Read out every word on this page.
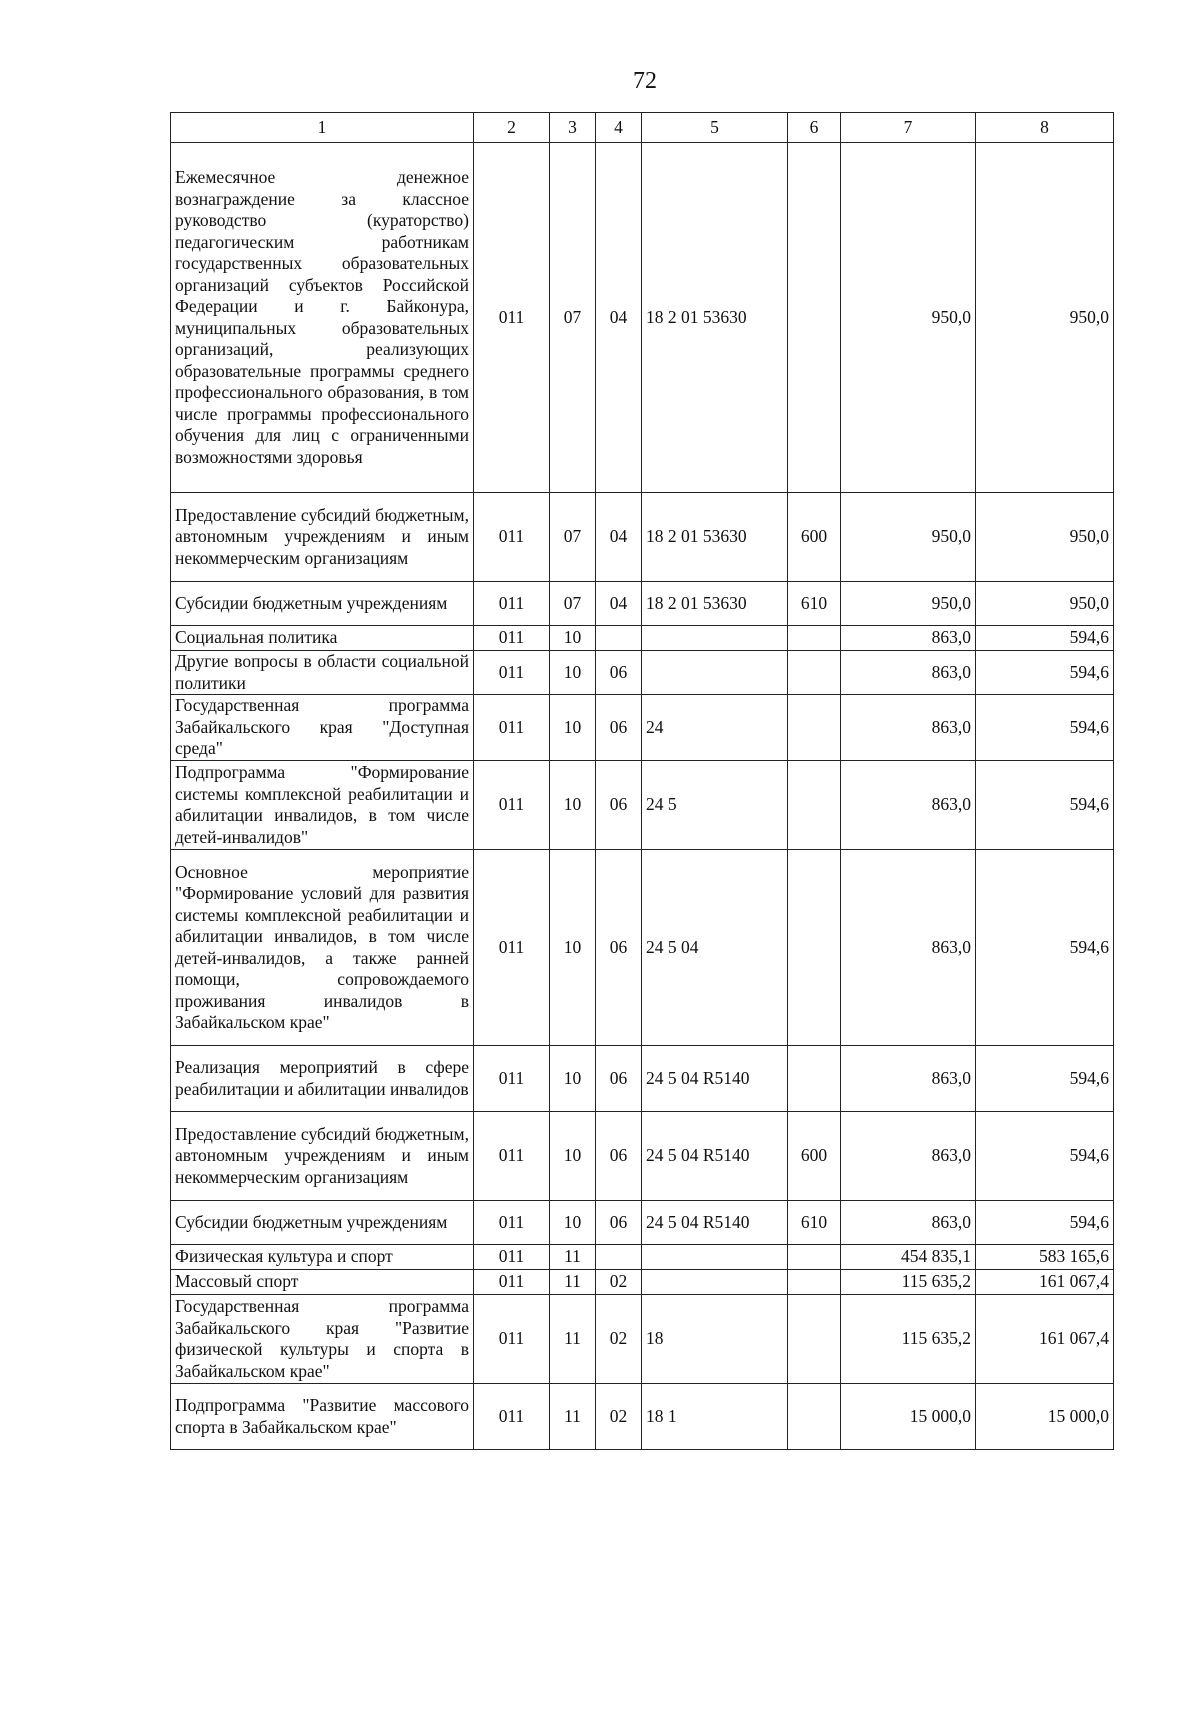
72
1	2	3	4	5	6	7	8
Ежемесячное денежное вознаграждение за классное руководство (кураторство) педагогическим работникам государственных образовательных организаций субъектов Российской Федерации и г. Байконура, муниципальных образовательных организаций, реализующих образовательные программы среднего профессионального образования, в том числе программы профессионального обучения для лиц с ограниченными возможностями здоровья	011	07	04	18 2 01 53630		950,0	950,0
Предоставление субсидий бюджетным, автономным учреждениям и иным некоммерческим организациям	011	07	04	18 2 01 53630	600	950,0	950,0
Субсидии бюджетным учреждениям	011	07	04	18 2 01 53630	610	950,0	950,0
Социальная политика	011	10				863,0	594,6
Другие вопросы в области социальной политики	011	10	06			863,0	594,6
Государственная программа Забайкальского края "Доступная среда"	011	10	06	24		863,0	594,6
Подпрограмма "Формирование системы комплексной реабилитации и абилитации инвалидов, в том числе детей-инвалидов"	011	10	06	24 5		863,0	594,6
Основное мероприятие "Формирование условий для развития системы комплексной реабилитации и абилитации инвалидов, в том числе детей-инвалидов, а также ранней помощи, сопровождаемого проживания инвалидов в Забайкальском крае"	011	10	06	24 5 04		863,0	594,6
Реализация мероприятий в сфере реабилитации и абилитации инвалидов	011	10	06	24 5 04 R5140		863,0	594,6
Предоставление субсидий бюджетным, автономным учреждениям и иным некоммерческим организациям	011	10	06	24 5 04 R5140	600	863,0	594,6
Субсидии бюджетным учреждениям	011	10	06	24 5 04 R5140	610	863,0	594,6
Физическая культура и спорт	011	11				454 835,1	583 165,6
Массовый спорт	011	11	02			115 635,2	161 067,4
Государственная программа Забайкальского края "Развитие физической культуры и спорта в Забайкальском крае"	011	11	02	18		115 635,2	161 067,4
Подпрограмма "Развитие массового спорта в Забайкальском крае"	011	11	02	18 1		15 000,0	15 000,0
